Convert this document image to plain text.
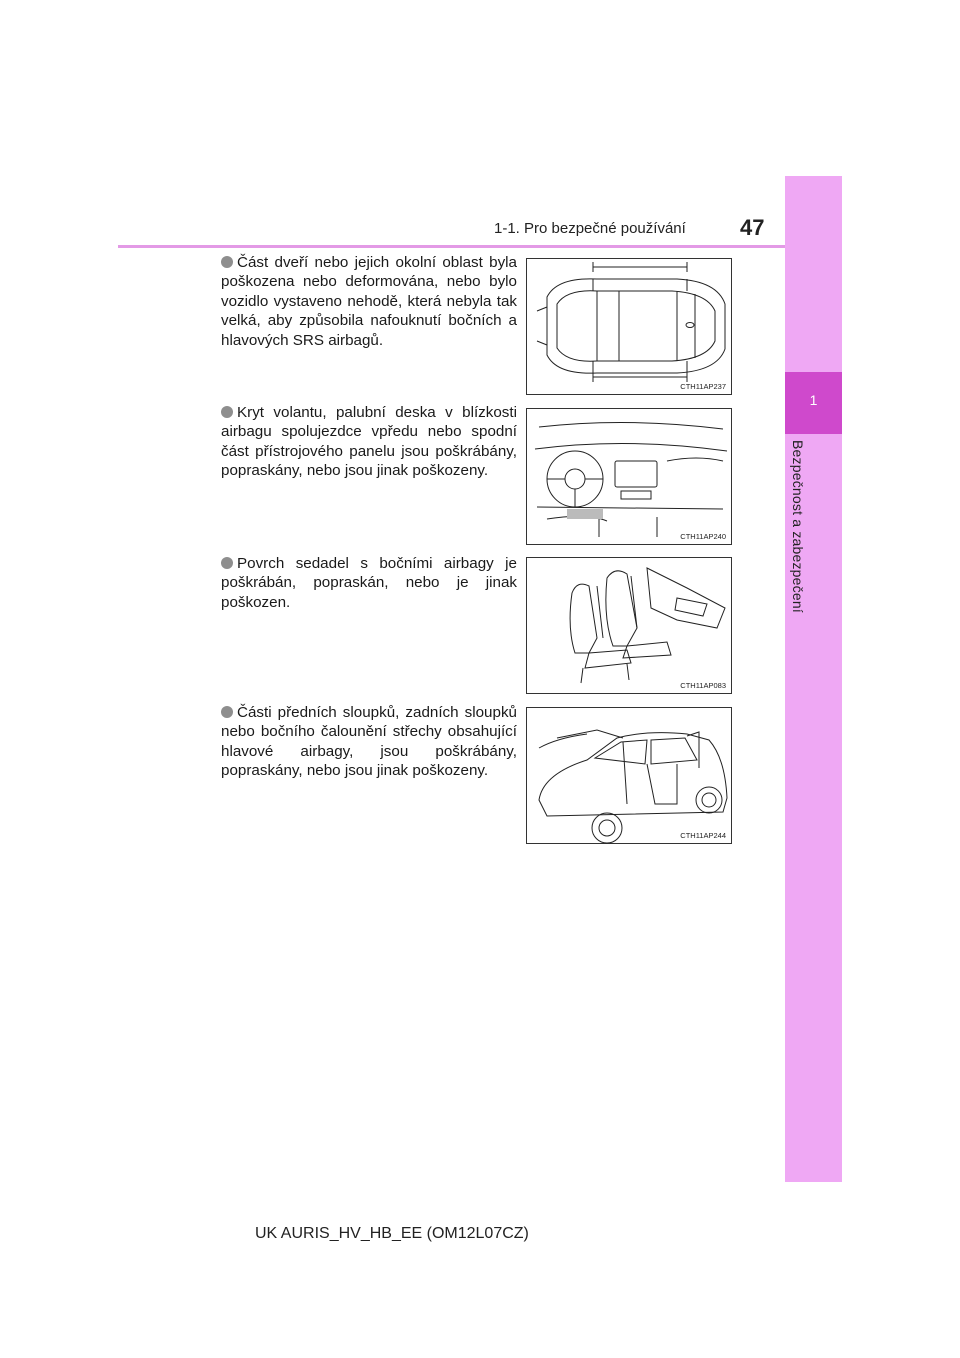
1-1. Pro bezpečné používání 47
1
Bezpečnost a zabezpečení
Část dveří nebo jejich okolní oblast byla poškozena nebo deformována, nebo bylo vozidlo vystaveno nehodě, která nebyla tak velká, aby způsobila nafouknutí bočních a hlavových SRS airbagů.
CTH11AP237
Kryt volantu, palubní deska v blízkosti airbagu spolujezdce vpředu nebo spodní část přístrojového panelu jsou poškrábány, popraskány, nebo jsou jinak poškozeny.
CTH11AP240
Povrch sedadel s bočními airbagy je poškrábán, popraskán, nebo je jinak poškozen.
CTH11AP083
Části předních sloupků, zadních sloupků nebo bočního čalounění střechy obsahující hlavové airbagy, jsou poškrábány, popraskány, nebo jsou jinak poškozeny.
CTH11AP244
UK AURIS_HV_HB_EE (OM12L07CZ)
